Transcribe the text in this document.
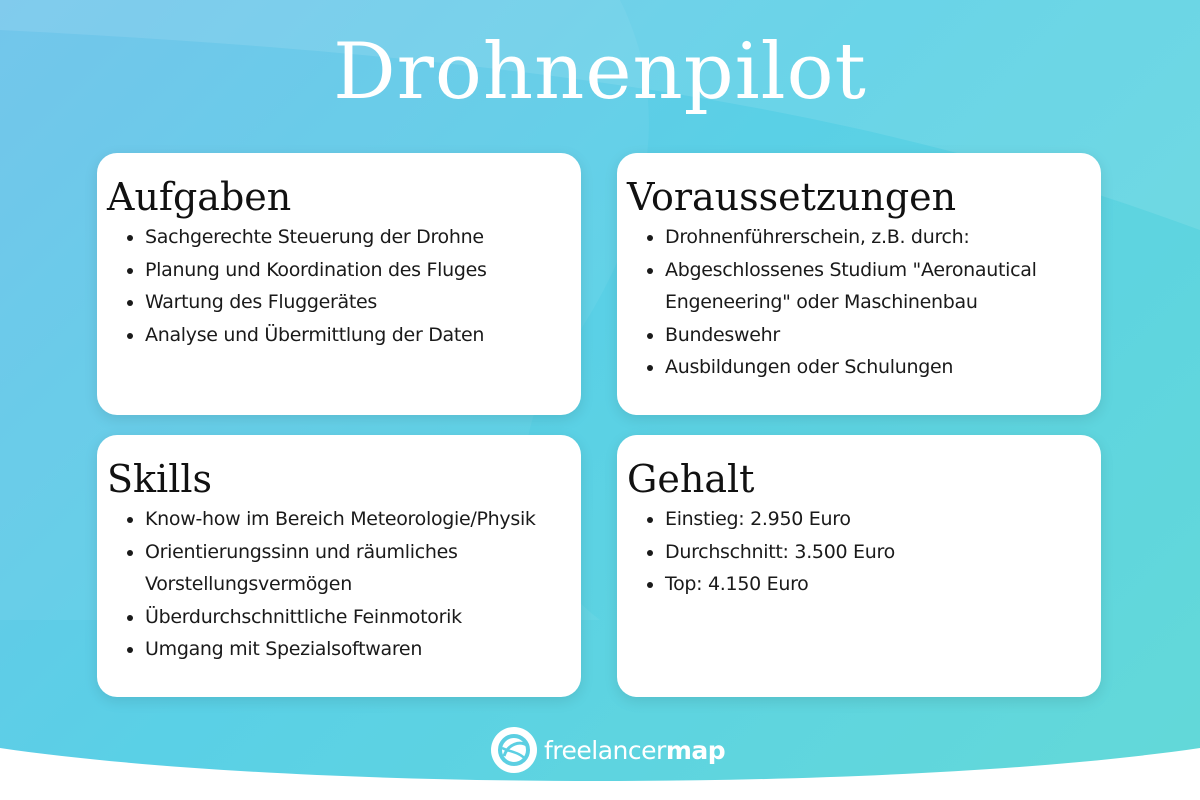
Drohnenpilot
Aufgaben
• Sachgerechte Steuerung der Drohne
• Planung und Koordination des Fluges
• Wartung des Fluggerätes
• Analyse und Übermittlung der Daten
Voraussetzungen
• Drohnenführerschein, z.B. durch:
• Abgeschlossenes Studium "Aeronautical Engeneering" oder Maschinenbau
• Bundeswehr
• Ausbildungen oder Schulungen
Skills
• Know-how im Bereich Meteorologie/Physik
• Orientierungssinn und räumliches Vorstellungsvermögen
• Überdurchschnittliche Feinmotorik
• Umgang mit Spezialsoftwaren
Gehalt
• Einstieg: 2.950 Euro
• Durchschnitt: 3.500 Euro
• Top: 4.150 Euro
freelancermap
